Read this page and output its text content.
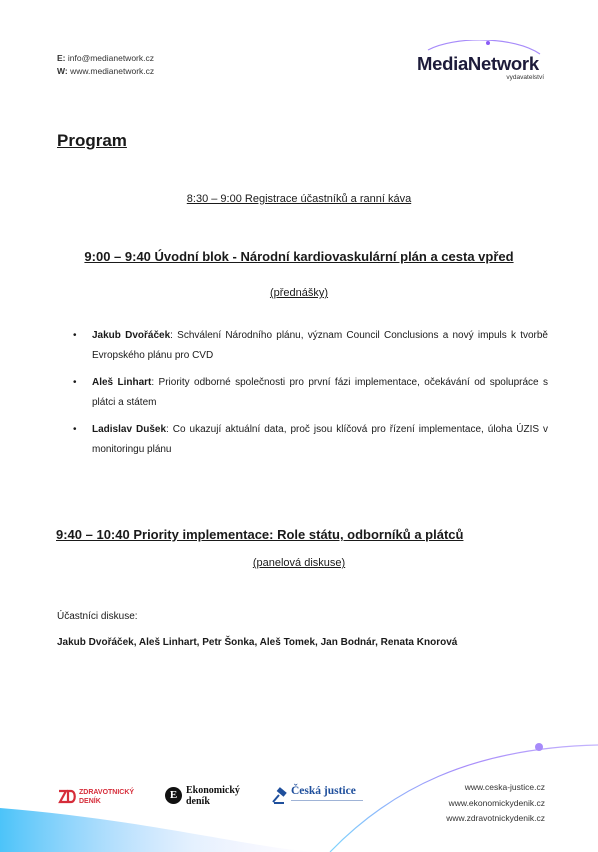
E: info@medianetwork.cz
W: www.medianetwork.cz	MediaNetwork
vydavatelství
Program
8:30 – 9:00 Registrace účastníků a ranní káva
9:00 – 9:40 Úvodní blok - Národní kardiovaskulární plán a cesta vpřed
(přednášky)
• Jakub Dvořáček: Schválení Národního plánu, význam Council Conclusions a nový impuls k tvorbě Evropského plánu pro CVD
• Aleš Linhart: Priority odborné společnosti pro první fázi implementace, očekávání od spolupráce s plátci a státem
• Ladislav Dušek: Co ukazují aktuální data, proč jsou klíčová pro řízení implementace, úloha ÚZIS v monitoringu plánu
9:40 – 10:40 Priority implementace: Role státu, odborníků a plátců
(panelová diskuse)
Účastníci diskuse:
Jakub Dvořáček, Aleš Linhart, Petr Šonka, Aleš Tomek, Jan Bodnár, Renata Knorová
ZDRAVOTNICKÝ
DENÍK
E Ekonomický
deník
Česká justice	www.ceska-justice.cz
www.ekonomickydenik.cz
www.zdravotnickydenik.cz
